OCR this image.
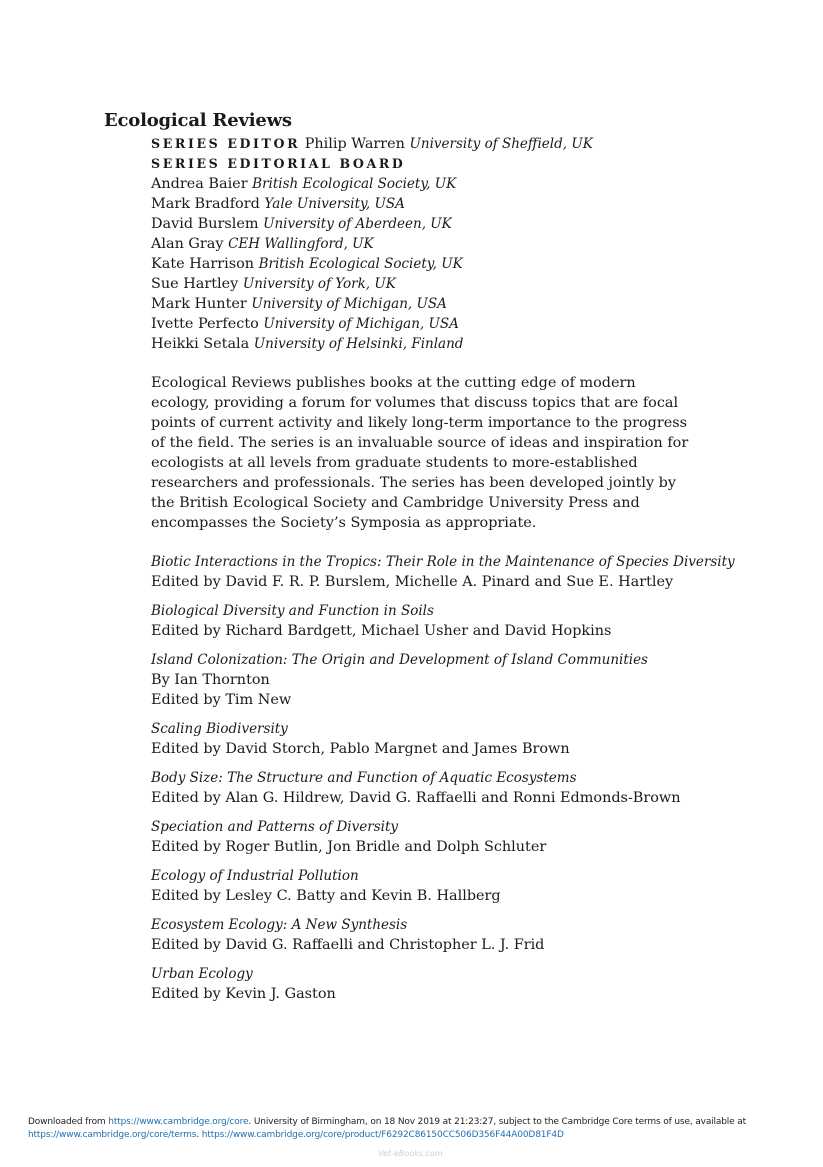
Ecological Reviews
SERIES EDITOR Philip Warren University of Sheffield, UK
SERIES EDITORIAL BOARD
Andrea Baier British Ecological Society, UK
Mark Bradford Yale University, USA
David Burslem University of Aberdeen, UK
Alan Gray CEH Wallingford, UK
Kate Harrison British Ecological Society, UK
Sue Hartley University of York, UK
Mark Hunter University of Michigan, USA
Ivette Perfecto University of Michigan, USA
Heikki Setala University of Helsinki, Finland

Ecological Reviews publishes books at the cutting edge of modern ecology, providing a forum for volumes that discuss topics that are focal points of current activity and likely long-term importance to the progress of the field. The series is an invaluable source of ideas and inspiration for ecologists at all levels from graduate students to more-established researchers and professionals. The series has been developed jointly by the British Ecological Society and Cambridge University Press and encompasses the Society’s Symposia as appropriate.

Biotic Interactions in the Tropics: Their Role in the Maintenance of Species Diversity
Edited by David F. R. P. Burslem, Michelle A. Pinard and Sue E. Hartley
Biological Diversity and Function in Soils
Edited by Richard Bardgett, Michael Usher and David Hopkins
Island Colonization: The Origin and Development of Island Communities
By Ian Thornton
Edited by Tim New
Scaling Biodiversity
Edited by David Storch, Pablo Margnet and James Brown
Body Size: The Structure and Function of Aquatic Ecosystems
Edited by Alan G. Hildrew, David G. Raffaelli and Ronni Edmonds-Brown
Speciation and Patterns of Diversity
Edited by Roger Butlin, Jon Bridle and Dolph Schluter
Ecology of Industrial Pollution
Edited by Lesley C. Batty and Kevin B. Hallberg
Ecosystem Ecology: A New Synthesis
Edited by David G. Raffaelli and Christopher L. J. Frid
Urban Ecology
Edited by Kevin J. Gaston
Downloaded from https://www.cambridge.org/core. University of Birmingham, on 18 Nov 2019 at 21:23:27, subject to the Cambridge Core terms of use, available at
https://www.cambridge.org/core/terms. https://www.cambridge.org/core/product/F6292C86150CC506D356F44A00D81F4D
Vet-eBooks.com
